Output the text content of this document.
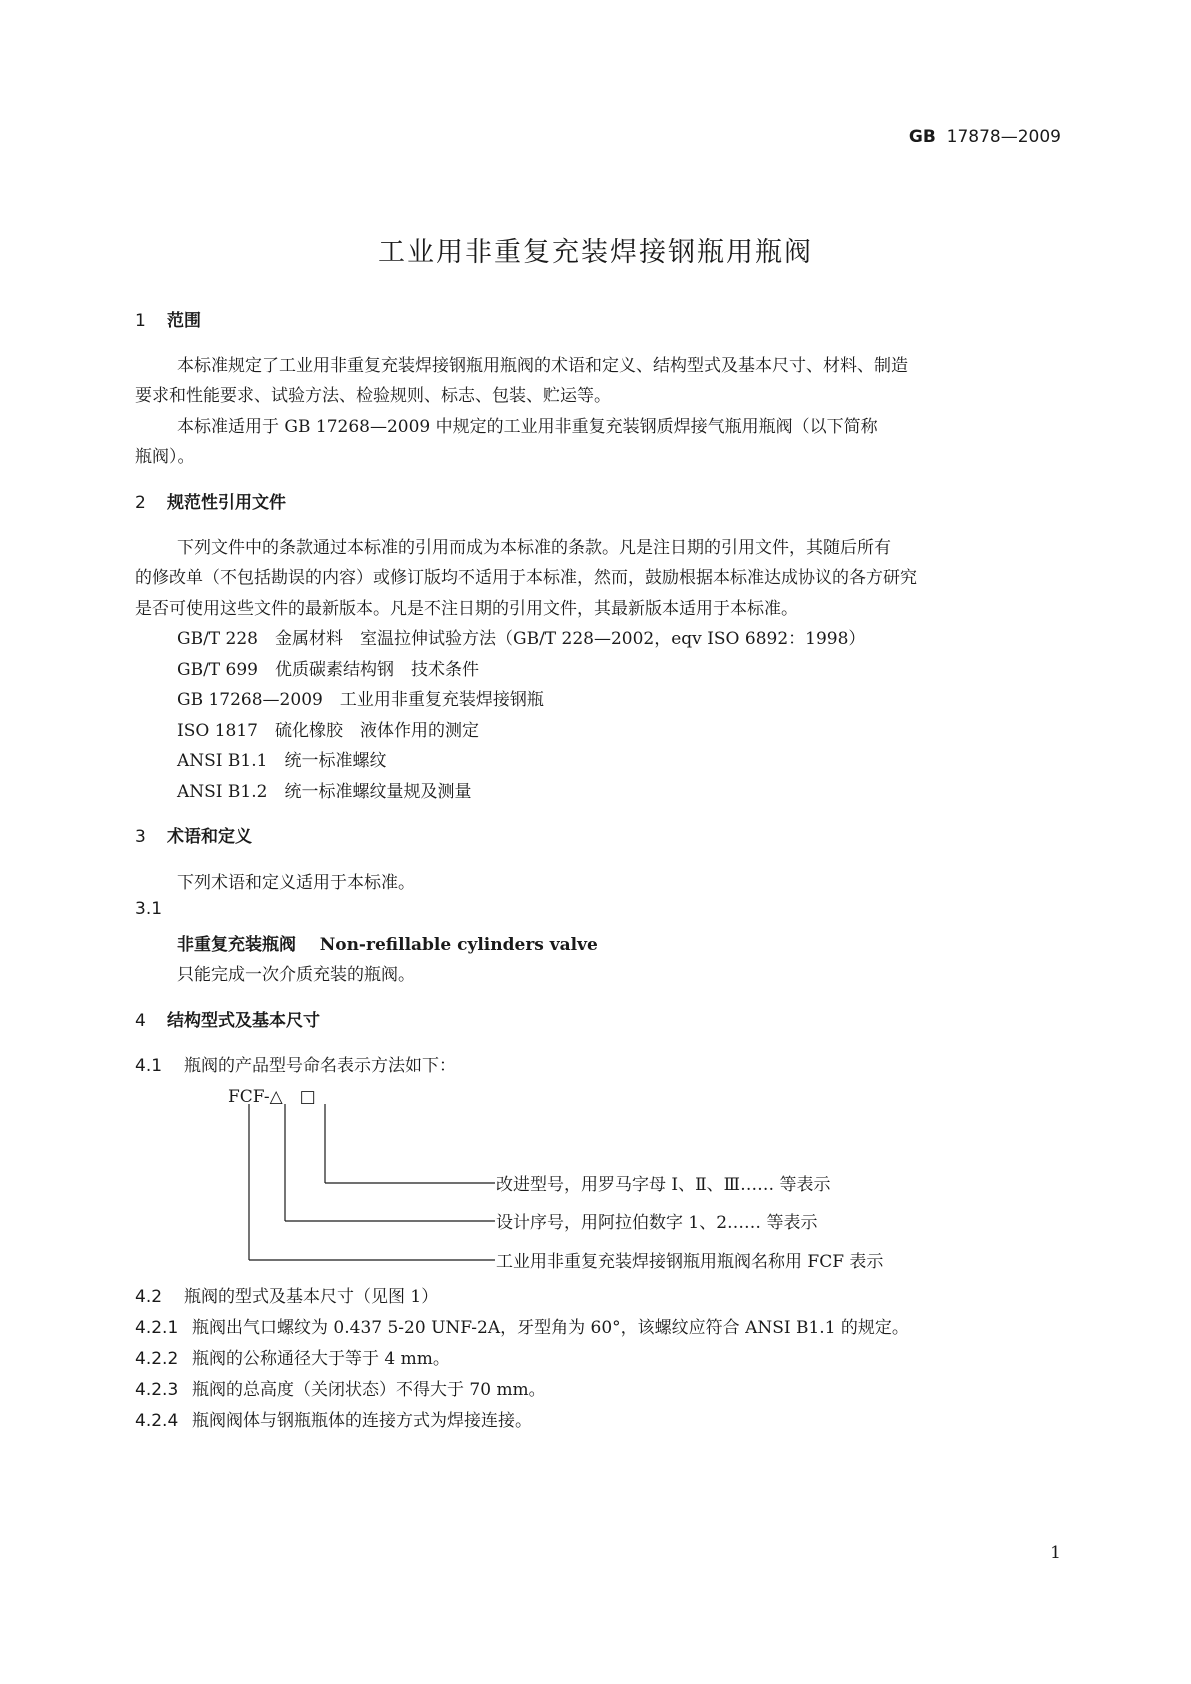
GB 17878—2009
工业用非重复充装焊接钢瓶用瓶阀
1 范围
本标准规定了工业用非重复充装焊接钢瓶用瓶阀的术语和定义、结构型式及基本尺寸、材料、制造
要求和性能要求、试验方法、检验规则、标志、包装、贮运等。
本标准适用于 GB 17268—2009 中规定的工业用非重复充装钢质焊接气瓶用瓶阀（以下简称
瓶阀）。
2 规范性引用文件
下列文件中的条款通过本标准的引用而成为本标准的条款。凡是注日期的引用文件，其随后所有
的修改单（不包括勘误的内容）或修订版均不适用于本标准，然而，鼓励根据本标准达成协议的各方研究
是否可使用这些文件的最新版本。凡是不注日期的引用文件，其最新版本适用于本标准。
GB/T 228　金属材料　室温拉伸试验方法（GB/T 228—2002，eqv ISO 6892：1998）
GB/T 699　优质碳素结构钢　技术条件
GB 17268—2009　工业用非重复充装焊接钢瓶
ISO 1817　硫化橡胶　液体作用的测定
ANSI B1.1　统一标准螺纹
ANSI B1.2　统一标准螺纹量规及测量
3 术语和定义
下列术语和定义适用于本标准。
3.1
非重复充装瓶阀 Non-refillable cylinders valve
只能完成一次介质充装的瓶阀。
4 结构型式及基本尺寸
4.1 瓶阀的产品型号命名表示方法如下：
FCF-△　□
改进型号，用罗马字母 Ⅰ、Ⅱ、Ⅲ…… 等表示
设计序号，用阿拉伯数字 1、2…… 等表示
工业用非重复充装焊接钢瓶用瓶阀名称用 FCF 表示
4.2 瓶阀的型式及基本尺寸（见图 1）
4.2.1 瓶阀出气口螺纹为 0.437 5-20 UNF-2A，牙型角为 60°，该螺纹应符合 ANSI B1.1 的规定。
4.2.2 瓶阀的公称通径大于等于 4 mm。
4.2.3 瓶阀的总高度（关闭状态）不得大于 70 mm。
4.2.4 瓶阀阀体与钢瓶瓶体的连接方式为焊接连接。
1
